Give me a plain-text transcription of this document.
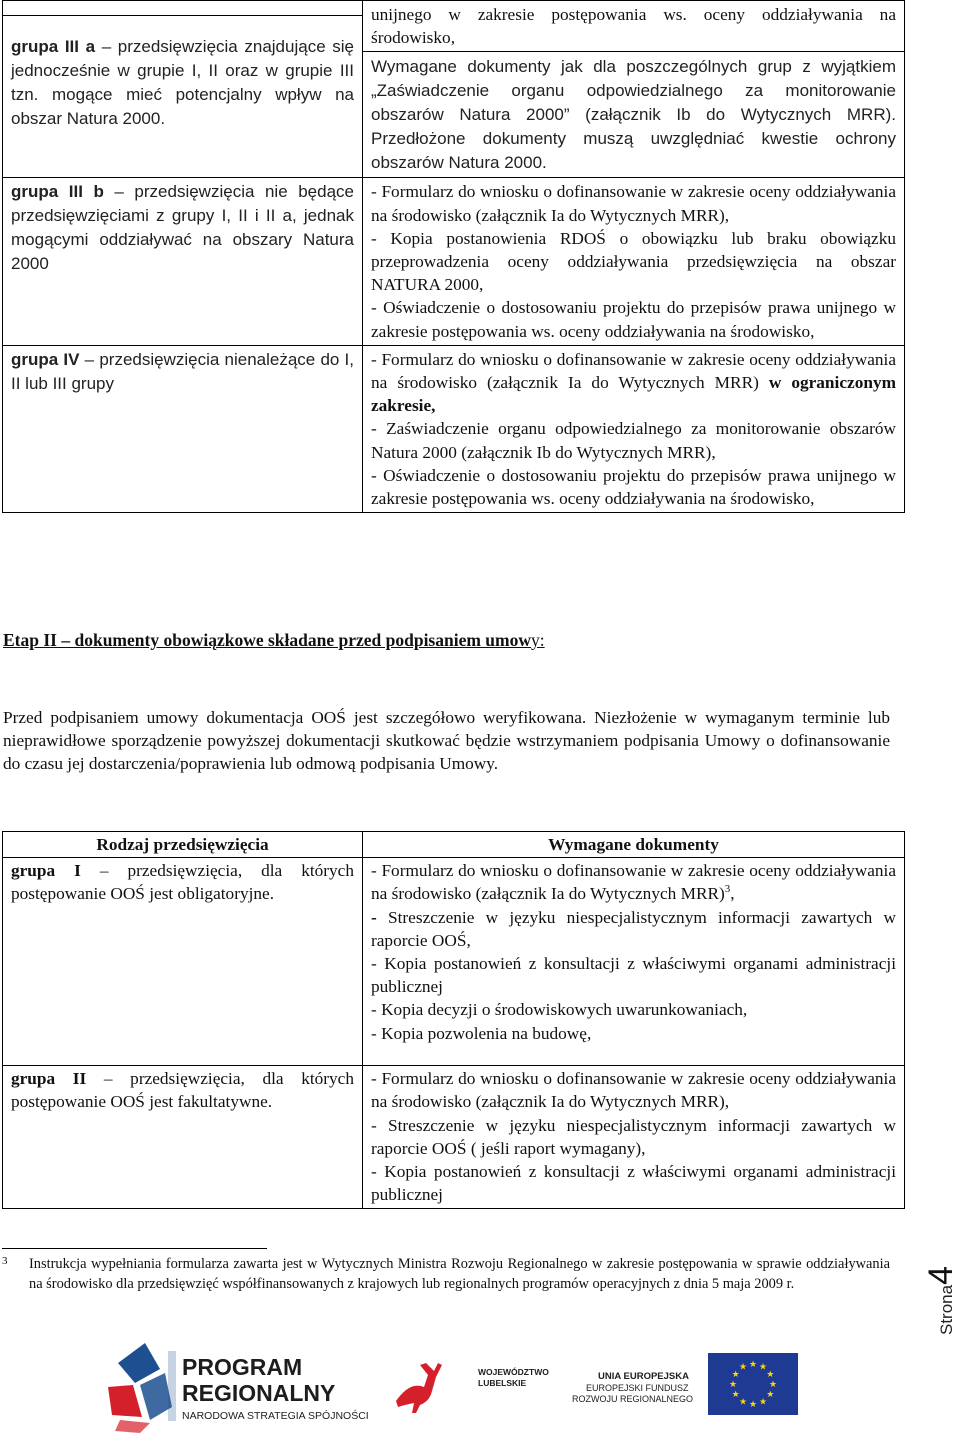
grupa III a – przedsięwzięcia znajdujące się jednocześnie w grupie I, II oraz w grupie III tzn. mogące mieć potencjalny wpływ na obszar Natura 2000.	unijnego w zakresie postępowania ws. oceny oddziaływania na środowisko,
Wymagane dokumenty jak dla poszczególnych grup z wyjątkiem „Zaświadczenie organu odpowiedzialnego za monitorowanie obszarów Natura 2000” (załącznik Ib do Wytycznych MRR). Przedłożone dokumenty muszą uwzględniać kwestie ochrony obszarów Natura 2000.

grupa III b – przedsięwzięcia nie będące przedsięwzięciami z grupy I, II i II a, jednak mogącymi oddziaływać na obszary Natura 2000	- Formularz do wniosku o dofinansowanie w zakresie oceny oddziaływania na środowisko (załącznik Ia do Wytycznych MRR),
- Kopia postanowienia RDOŚ o obowiązku lub braku obowiązku przeprowadzenia oceny oddziaływania przedsięwzięcia na obszar NATURA 2000,
- Oświadczenie o dostosowaniu projektu do przepisów prawa unijnego w zakresie postępowania ws. oceny oddziaływania na środowisko,

grupa IV – przedsięwzięcia nienależące do I, II lub III grupy	- Formularz do wniosku o dofinansowanie w zakresie oceny oddziaływania na środowisko (załącznik Ia do Wytycznych MRR) w ograniczonym zakresie,
- Zaświadczenie organu odpowiedzialnego za monitorowanie obszarów Natura 2000 (załącznik Ib do Wytycznych MRR),
- Oświadczenie o dostosowaniu projektu do przepisów prawa unijnego w zakresie postępowania ws. oceny oddziaływania na środowisko,
Etap II – dokumenty obowiązkowe składane przed podpisaniem umowy:
Przed podpisaniem umowy dokumentacja OOŚ jest szczegółowo weryfikowana. Niezłożenie w wymaganym terminie lub nieprawidłowe sporządzenie powyższej dokumentacji skutkować będzie wstrzymaniem podpisania Umowy o dofinansowanie do czasu jej dostarczenia/poprawienia lub odmową podpisania Umowy.
Rodzaj przedsięwzięcia	Wymagane dokumenty
grupa I – przedsięwzięcia, dla których postępowanie OOŚ jest obligatoryjne.	- Formularz do wniosku o dofinansowanie w zakresie oceny oddziaływania na środowisko (załącznik Ia do Wytycznych MRR)$^3$,
- Streszczenie w języku niespecjalistycznym informacji zawartych w raporcie OOŚ,
- Kopia postanowień z konsultacji z właściwymi organami administracji publicznej
- Kopia decyzji o środowiskowych uwarunkowaniach,
- Kopia pozwolenia na budowę,

grupa II – przedsięwzięcia, dla których postępowanie OOŚ jest fakultatywne.	- Formularz do wniosku o dofinansowanie w zakresie oceny oddziaływania na środowisko (załącznik Ia do Wytycznych MRR),
- Streszczenie w języku niespecjalistycznym informacji zawartych w raporcie OOŚ ( jeśli raport wymagany),
- Kopia postanowień z konsultacji z właściwymi organami administracji publicznej
3 Instrukcja wypełniania formularza zawarta jest w Wytycznych Ministra Rozwoju Regionalnego w zakresie postępowania w sprawie oddziaływania na środowisko dla przedsięwzięć współfinansowanych z krajowych lub regionalnych programów operacyjnych z dnia 5 maja 2009 r.
Strona4
PROGRAM
REGIONALNY
NARODOWA STRATEGIA SPÓJNOŚCI
WOJEWÓDZTWO
LUBELSKIE
UNIA EUROPEJSKA
EUROPEJSKI FUNDUSZ
ROZWOJU REGIONALNEGO
★ ★
★
★
★
★
★
★
★
★
★
★
